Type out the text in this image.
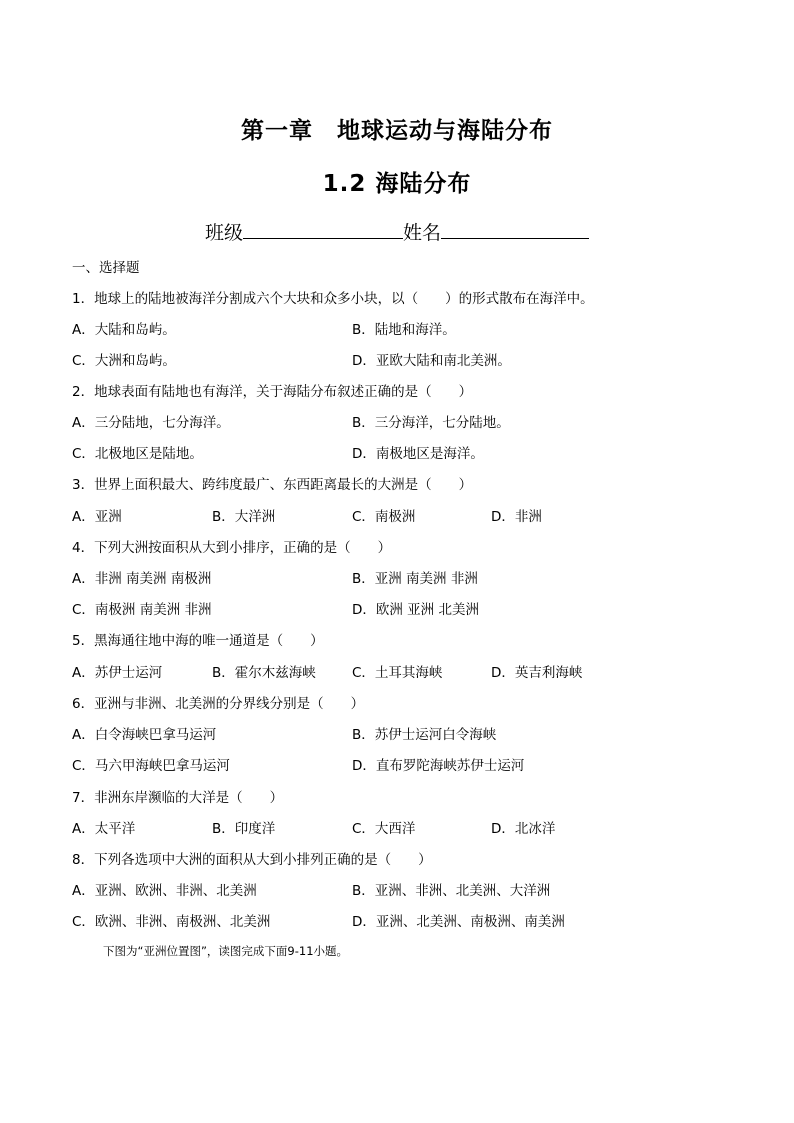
第一章　地球运动与海陆分布
1.2 海陆分布
班级	姓名
一、选择题
1．地球上的陆地被海洋分割成六个大块和众多小块，以（　　）的形式散布在海洋中。
A．大陆和岛屿。	B．陆地和海洋。
C．大洲和岛屿。	D．亚欧大陆和南北美洲。
2．地球表面有陆地也有海洋，关于海陆分布叙述正确的是（　　）
A．三分陆地，七分海洋。	B．三分海洋，七分陆地。
C．北极地区是陆地。	D．南极地区是海洋。
3．世界上面积最大、跨纬度最广、东西距离最长的大洲是（　　）
A．亚洲	B．大洋洲	C．南极洲	D．非洲
4．下列大洲按面积从大到小排序，正确的是（　　）
A．非洲 南美洲 南极洲	B．亚洲 南美洲 非洲
C．南极洲 南美洲 非洲	D．欧洲 亚洲 北美洲
5．黑海通往地中海的唯一通道是（　　）
A．苏伊士运河	B．霍尔木兹海峡	C．土耳其海峡	D．英吉利海峡
6．亚洲与非洲、北美洲的分界线分别是（　　）
A．白令海峡巴拿马运河	B．苏伊士运河白令海峡
C．马六甲海峡巴拿马运河	D．直布罗陀海峡苏伊士运河
7．非洲东岸濒临的大洋是（　　）
A．太平洋	B．印度洋	C．大西洋	D．北冰洋
8．下列各选项中大洲的面积从大到小排列正确的是（　　）
A．亚洲、欧洲、非洲、北美洲	B．亚洲、非洲、北美洲、大洋洲
C．欧洲、非洲、南极洲、北美洲	D．亚洲、北美洲、南极洲、南美洲
下图为“亚洲位置图”，读图完成下面9-11小题。
